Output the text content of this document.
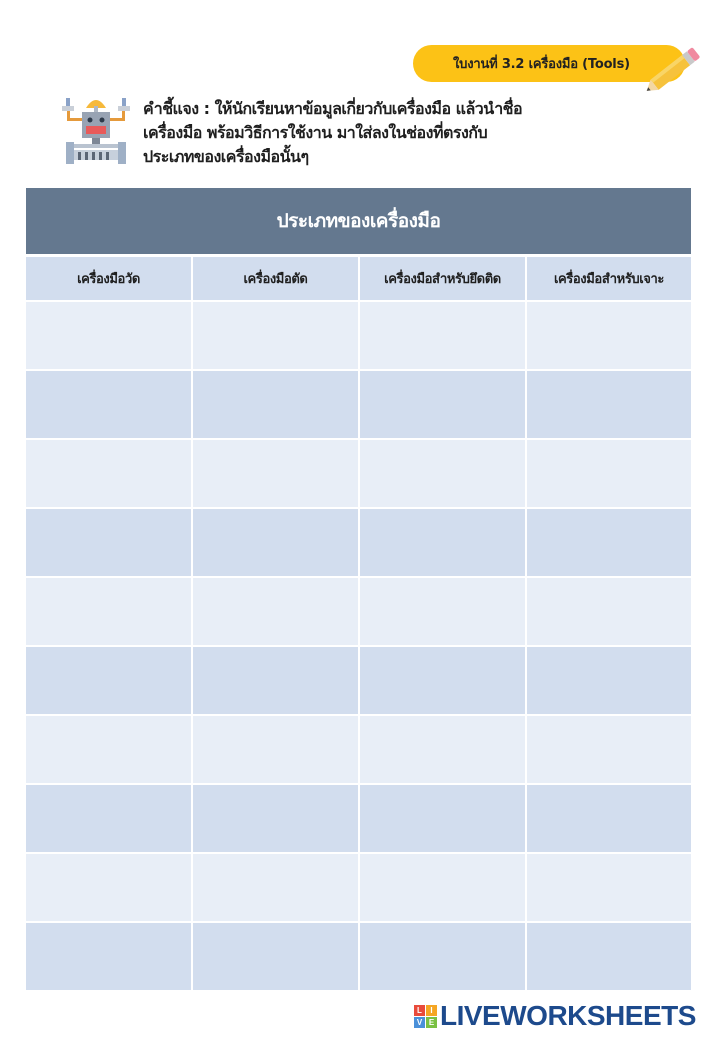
ใบงานที่ 3.2 เครื่องมือ (Tools)
คำชี้แจง : ให้นักเรียนหาข้อมูลเกี่ยวกับเครื่องมือ แล้วนำชื่อ
เครื่องมือ พร้อมวิธีการใช้งาน มาใส่ลงในช่องที่ตรงกับ
ประเภทของเครื่องมือนั้นๆ
ประเภทของเครื่องมือ
เครื่องมือวัด	เครื่องมือตัด	เครื่องมือสำหรับยึดติด	เครื่องมือสำหรับเจาะ
L	I
V E LIVEWORKSHEETS
